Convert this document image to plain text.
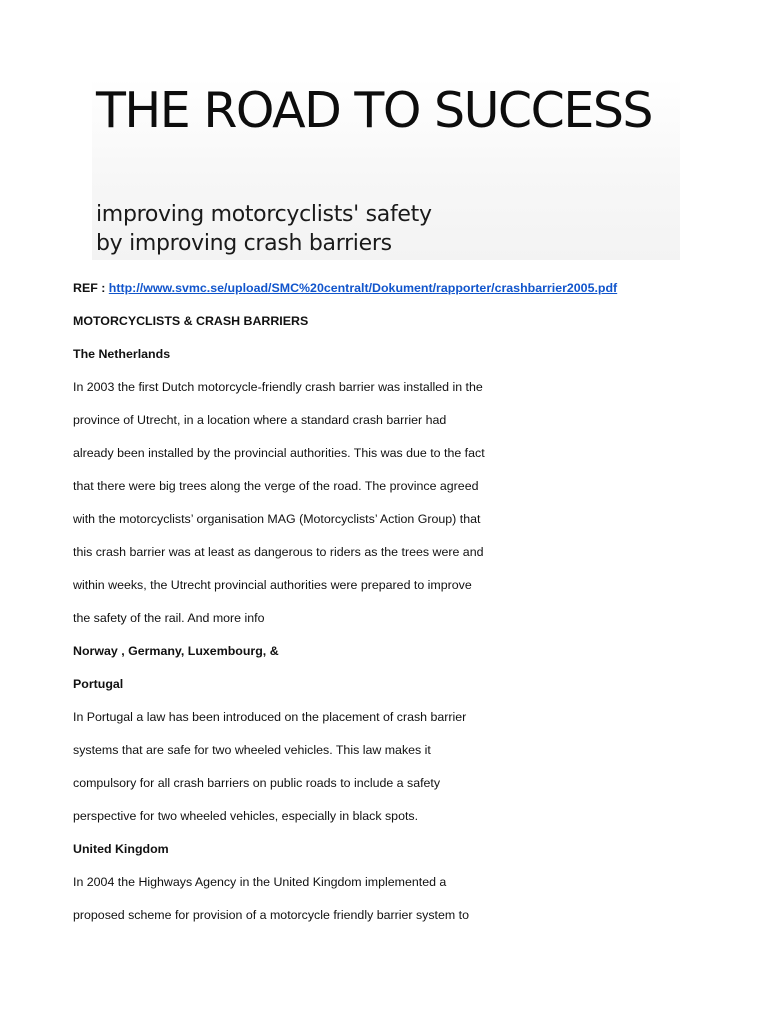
THE ROAD TO SUCCESS
improving motorcyclists' safety
by improving crash barriers
REF : http://www.svmc.se/upload/SMC%20centralt/Dokument/rapporter/crashbarrier2005.pdf
MOTORCYCLISTS & CRASH BARRIERS
The Netherlands
In 2003 the first Dutch motorcycle-friendly crash barrier was installed in the
province of Utrecht, in a location where a standard crash barrier had
already been installed by the provincial authorities. This was due to the fact
that there were big trees along the verge of the road. The province agreed
with the motorcyclists’ organisation MAG (Motorcyclists’ Action Group) that
this crash barrier was at least as dangerous to riders as the trees were and
within weeks, the Utrecht provincial authorities were prepared to improve
the safety of the rail. And more info
Norway , Germany, Luxembourg, &
Portugal
In Portugal a law has been introduced on the placement of crash barrier
systems that are safe for two wheeled vehicles. This law makes it
compulsory for all crash barriers on public roads to include a safety
perspective for two wheeled vehicles, especially in black spots.
United Kingdom
In 2004 the Highways Agency in the United Kingdom implemented a
proposed scheme for provision of a motorcycle friendly barrier system to
